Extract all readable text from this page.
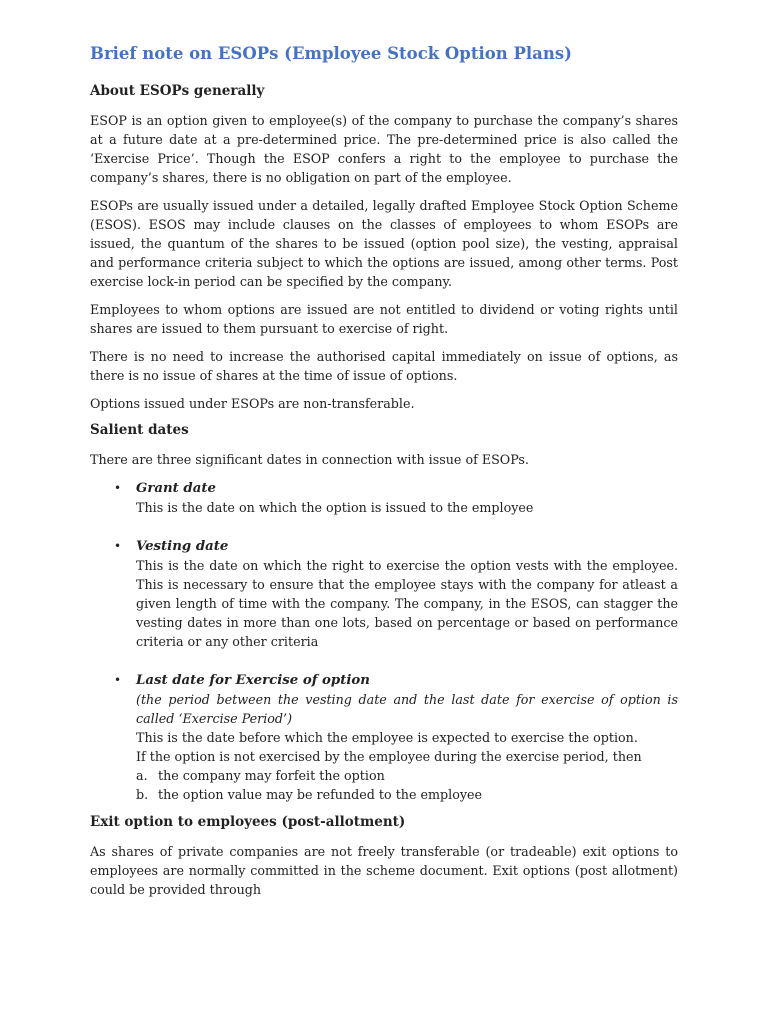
Brief note on ESOPs (Employee Stock Option Plans)
About ESOPs generally

ESOP is an option given to employee(s) of the company to purchase the company’s shares at a future date at a pre-determined price. The pre-determined price is also called the ‘Exercise Price’. Though the ESOP confers a right to the employee to purchase the company’s shares, there is no obligation on part of the employee.

ESOPs are usually issued under a detailed, legally drafted Employee Stock Option Scheme (ESOS). ESOS may include clauses on the classes of employees to whom ESOPs are issued, the quantum of the shares to be issued (option pool size), the vesting, appraisal and performance criteria subject to which the options are issued, among other terms. Post exercise lock-in period can be specified by the company.

Employees to whom options are issued are not entitled to dividend or voting rights until shares are issued to them pursuant to exercise of right.

There is no need to increase the authorised capital immediately on issue of options, as there is no issue of shares at the time of issue of options.

Options issued under ESOPs are non-transferable.

Salient dates

There are three significant dates in connection with issue of ESOPs.

• Grant date
This is the date on which the option is issued to the employee
• Vesting date
This is the date on which the right to exercise the option vests with the employee. This is necessary to ensure that the employee stays with the company for atleast a given length of time with the company. The company, in the ESOS, can stagger the vesting dates in more than one lots, based on percentage or based on performance criteria or any other criteria
• Last date for Exercise of option
(the period between the vesting date and the last date for exercise of option is called ‘Exercise Period’)
This is the date before which the employee is expected to exercise the option.
If the option is not exercised by the employee during the exercise period, then
a. the company may forfeit the option
b. the option value may be refunded to the employee
Exit option to employees (post-allotment)

As shares of private companies are not freely transferable (or tradeable) exit options to employees are normally committed in the scheme document. Exit options (post allotment) could be provided through
